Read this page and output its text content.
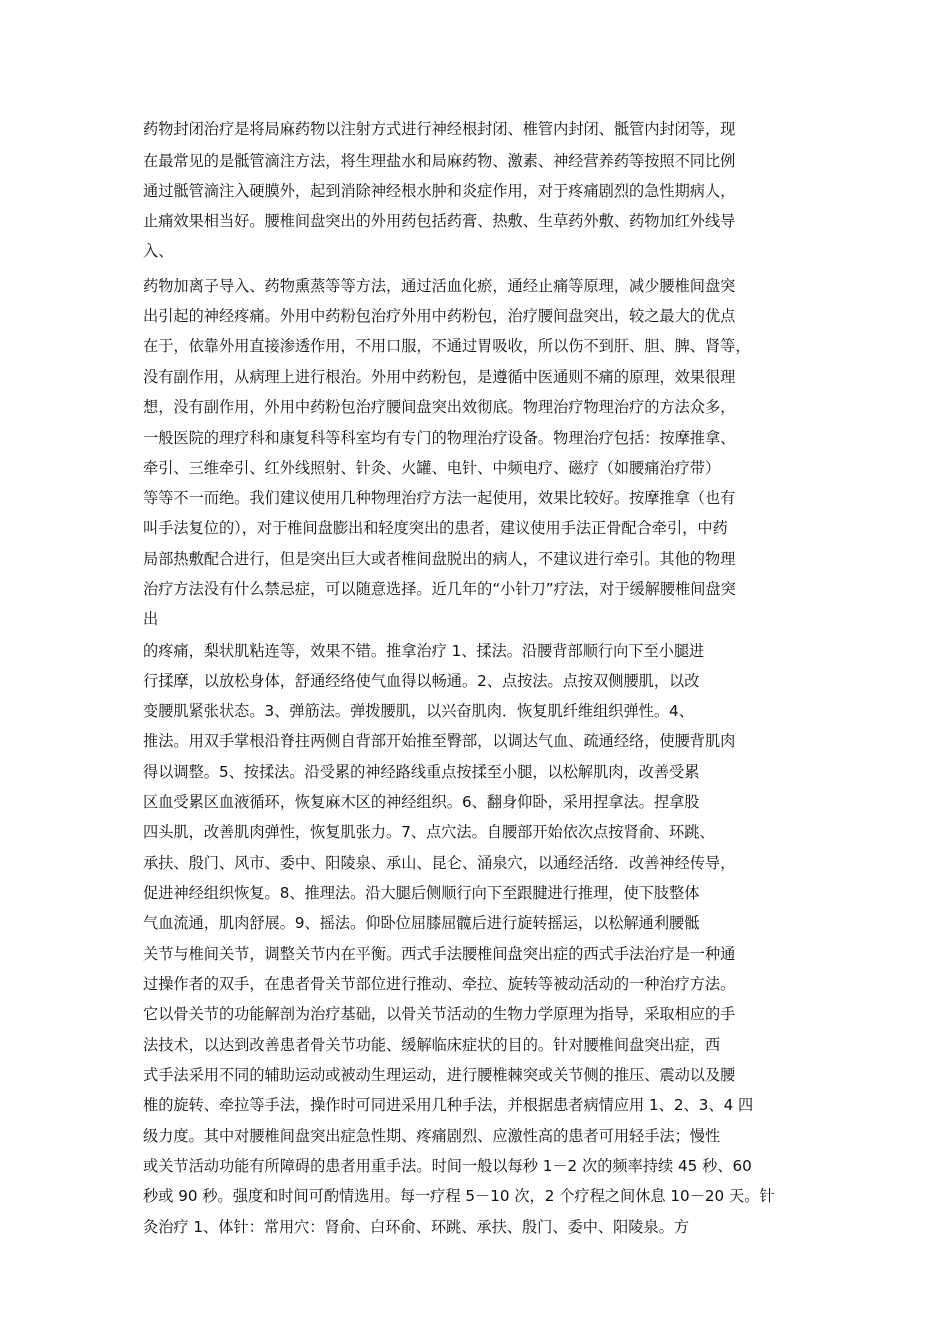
药物封闭治疗是将局麻药物以注射方式进行神经根封闭、椎管内封闭、骶管内封闭等，现

在最常见的是骶管滴注方法，将生理盐水和局麻药物、激素、神经营养药等按照不同比例

通过骶管滴注入硬膜外，起到消除神经根水肿和炎症作用，对于疼痛剧烈的急性期病人，

止痛效果相当好。腰椎间盘突出的外用药包括药膏、热敷、生草药外敷、药物加红外线导

入、

药物加离子导入、药物熏蒸等等方法，通过活血化瘀，通经止痛等原理，减少腰椎间盘突

出引起的神经疼痛。外用中药粉包治疗外用中药粉包，治疗腰间盘突出，较之最大的优点

在于，依靠外用直接渗透作用，不用口服，不通过胃吸收，所以伤不到肝、胆、脾、肾等，

没有副作用，从病理上进行根治。外用中药粉包，是遵循中医通则不痛的原理，效果很理

想，没有副作用，外用中药粉包治疗腰间盘突出效彻底。物理治疗物理治疗的方法众多，

一般医院的理疗科和康复科等科室均有专门的物理治疗设备。物理治疗包括：按摩推拿、

牵引、三维牵引、红外线照射、针灸、火罐、电针、中频电疗、磁疗（如腰痛治疗带）

等等不一而绝。我们建议使用几种物理治疗方法一起使用，效果比较好。按摩推拿（也有

叫手法复位的），对于椎间盘膨出和轻度突出的患者，建议使用手法正骨配合牵引，中药

局部热敷配合进行，但是突出巨大或者椎间盘脱出的病人，不建议进行牵引。其他的物理

治疗方法没有什么禁忌症，可以随意选择。近几年的“小针刀”疗法，对于缓解腰椎间盘突

出

的疼痛，梨状肌粘连等，效果不错。推拿治疗 1、揉法。沿腰背部顺行向下至小腿进

行揉摩，以放松身体，舒通经络使气血得以畅通。2、点按法。点按双侧腰肌，以改

变腰肌紧张状态。3、弹筋法。弹拨腰肌，以兴奋肌肉．恢复肌纤维组织弹性。4、

推法。用双手掌根沿脊拄两侧自背部开始推至臀部，以调达气血、疏通经络，使腰背肌肉

得以调整。5、按揉法。沿受累的神经路线重点按揉至小腿，以松解肌肉，改善受累

区血受累区血液循环，恢复麻木区的神经组织。6、翻身仰卧，采用捏拿法。捏拿股

四头肌，改善肌肉弹性，恢复肌张力。7、点穴法。自腰部开始依次点按肾俞、环跳、

承扶、殷门、风市、委中、阳陵泉、承山、昆仑、涌泉穴，以通经活络．改善神经传导，

促进神经组织恢复。8、推理法。沿大腿后侧顺行向下至跟腱进行推理，使下肢整体

气血流通，肌肉舒展。9、摇法。仰卧位屈膝屈髋后进行旋转摇运，以松解通利腰骶

关节与椎间关节，调整关节内在平衡。西式手法腰椎间盘突出症的西式手法治疗是一种通

过操作者的双手，在患者骨关节部位进行推动、牵拉、旋转等被动活动的一种治疗方法。

它以骨关节的功能解剖为治疗基础，以骨关节活动的生物力学原理为指导，采取相应的手

法技术，以达到改善患者骨关节功能、缓解临床症状的目的。针对腰椎间盘突出症，西

式手法采用不同的辅助运动或被动生理运动，进行腰椎棘突或关节侧的推压、震动以及腰

椎的旋转、牵拉等手法，操作时可同进采用几种手法，并根据患者病情应用 1、2、3、4 四

级力度。其中对腰椎间盘突出症急性期、疼痛剧烈、应激性高的患者可用轻手法；慢性

或关节活动功能有所障碍的患者用重手法。时间一般以每秒 1－2 次的频率持续 45 秒、60

秒或 90 秒。强度和时间可酌情选用。每一疗程 5－10 次，2 个疗程之间休息 10－20 天。针

灸治疗 1、体针：常用穴：肾俞、白环俞、环跳、承扶、殷门、委中、阳陵泉。方
